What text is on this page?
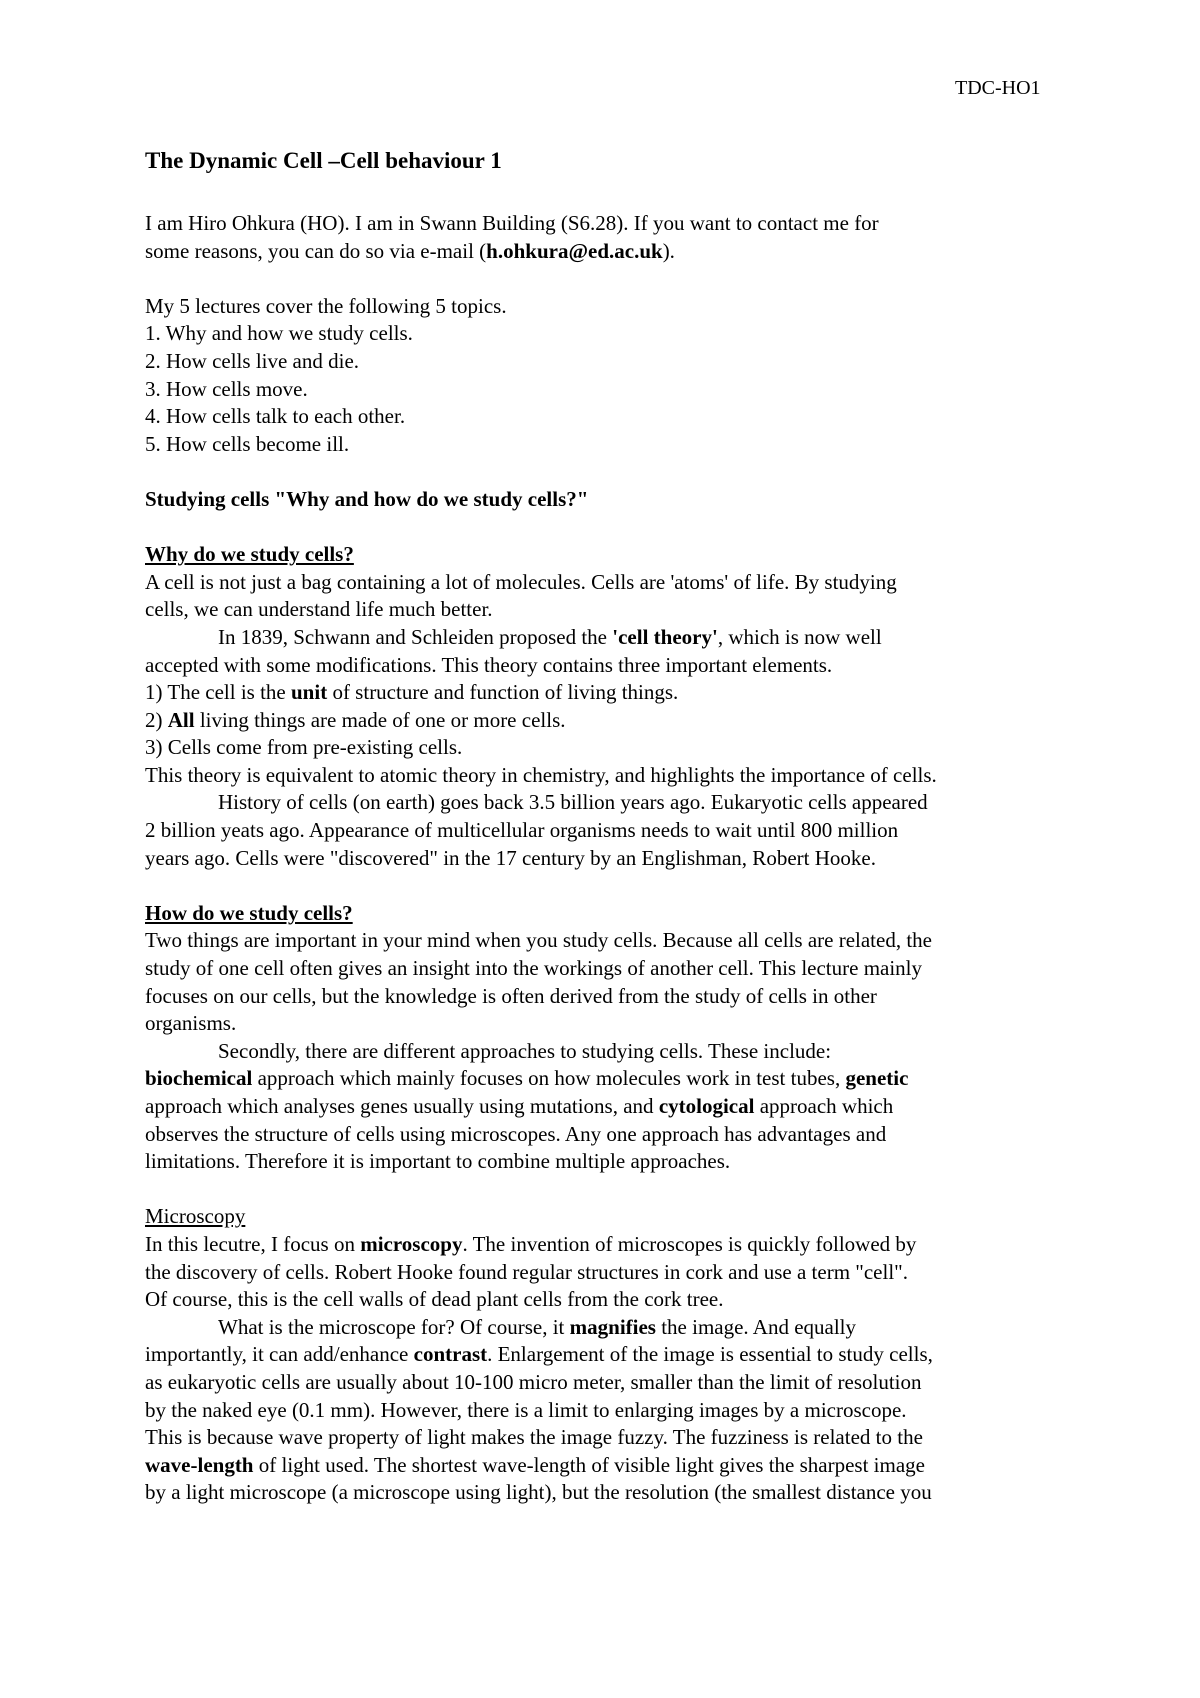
TDC-HO1
The Dynamic Cell –Cell behaviour 1

I am Hiro Ohkura (HO). I am in Swann Building (S6.28). If you want to contact me for

some reasons, you can do so via e-mail (h.ohkura@ed.ac.uk).

My 5 lectures cover the following 5 topics.

1. Why and how we study cells.

2. How cells live and die.

3. How cells move.

4. How cells talk to each other.

5. How cells become ill.

Studying cells "Why and how do we study cells?"

Why do we study cells?

A cell is not just a bag containing a lot of molecules. Cells are 'atoms' of life. By studying

cells, we can understand life much better.

In 1839, Schwann and Schleiden proposed the 'cell theory', which is now well

accepted with some modifications. This theory contains three important elements.

1) The cell is the unit of structure and function of living things.

2) All living things are made of one or more cells.

3) Cells come from pre-existing cells.

This theory is equivalent to atomic theory in chemistry, and highlights the importance of cells.

History of cells (on earth) goes back 3.5 billion years ago. Eukaryotic cells appeared

2 billion yeats ago. Appearance of multicellular organisms needs to wait until 800 million

years ago. Cells were "discovered" in the 17 century by an Englishman, Robert Hooke.

How do we study cells?

Two things are important in your mind when you study cells. Because all cells are related, the

study of one cell often gives an insight into the workings of another cell. This lecture mainly

focuses on our cells, but the knowledge is often derived from the study of cells in other

organisms.

Secondly, there are different approaches to studying cells. These include:

biochemical approach which mainly focuses on how molecules work in test tubes, genetic

approach which analyses genes usually using mutations, and cytological approach which

observes the structure of cells using microscopes. Any one approach has advantages and

limitations. Therefore it is important to combine multiple approaches.

Microscopy

In this lecutre, I focus on microscopy. The invention of microscopes is quickly followed by

the discovery of cells. Robert Hooke found regular structures in cork and use a term "cell".

Of course, this is the cell walls of dead plant cells from the cork tree.

What is the microscope for? Of course, it magnifies the image. And equally

importantly, it can add/enhance contrast. Enlargement of the image is essential to study cells,

as eukaryotic cells are usually about 10-100 micro meter, smaller than the limit of resolution

by the naked eye (0.1 mm). However, there is a limit to enlarging images by a microscope.

This is because wave property of light makes the image fuzzy. The fuzziness is related to the

wave-length of light used. The shortest wave-length of visible light gives the sharpest image

by a light microscope (a microscope using light), but the resolution (the smallest distance you
